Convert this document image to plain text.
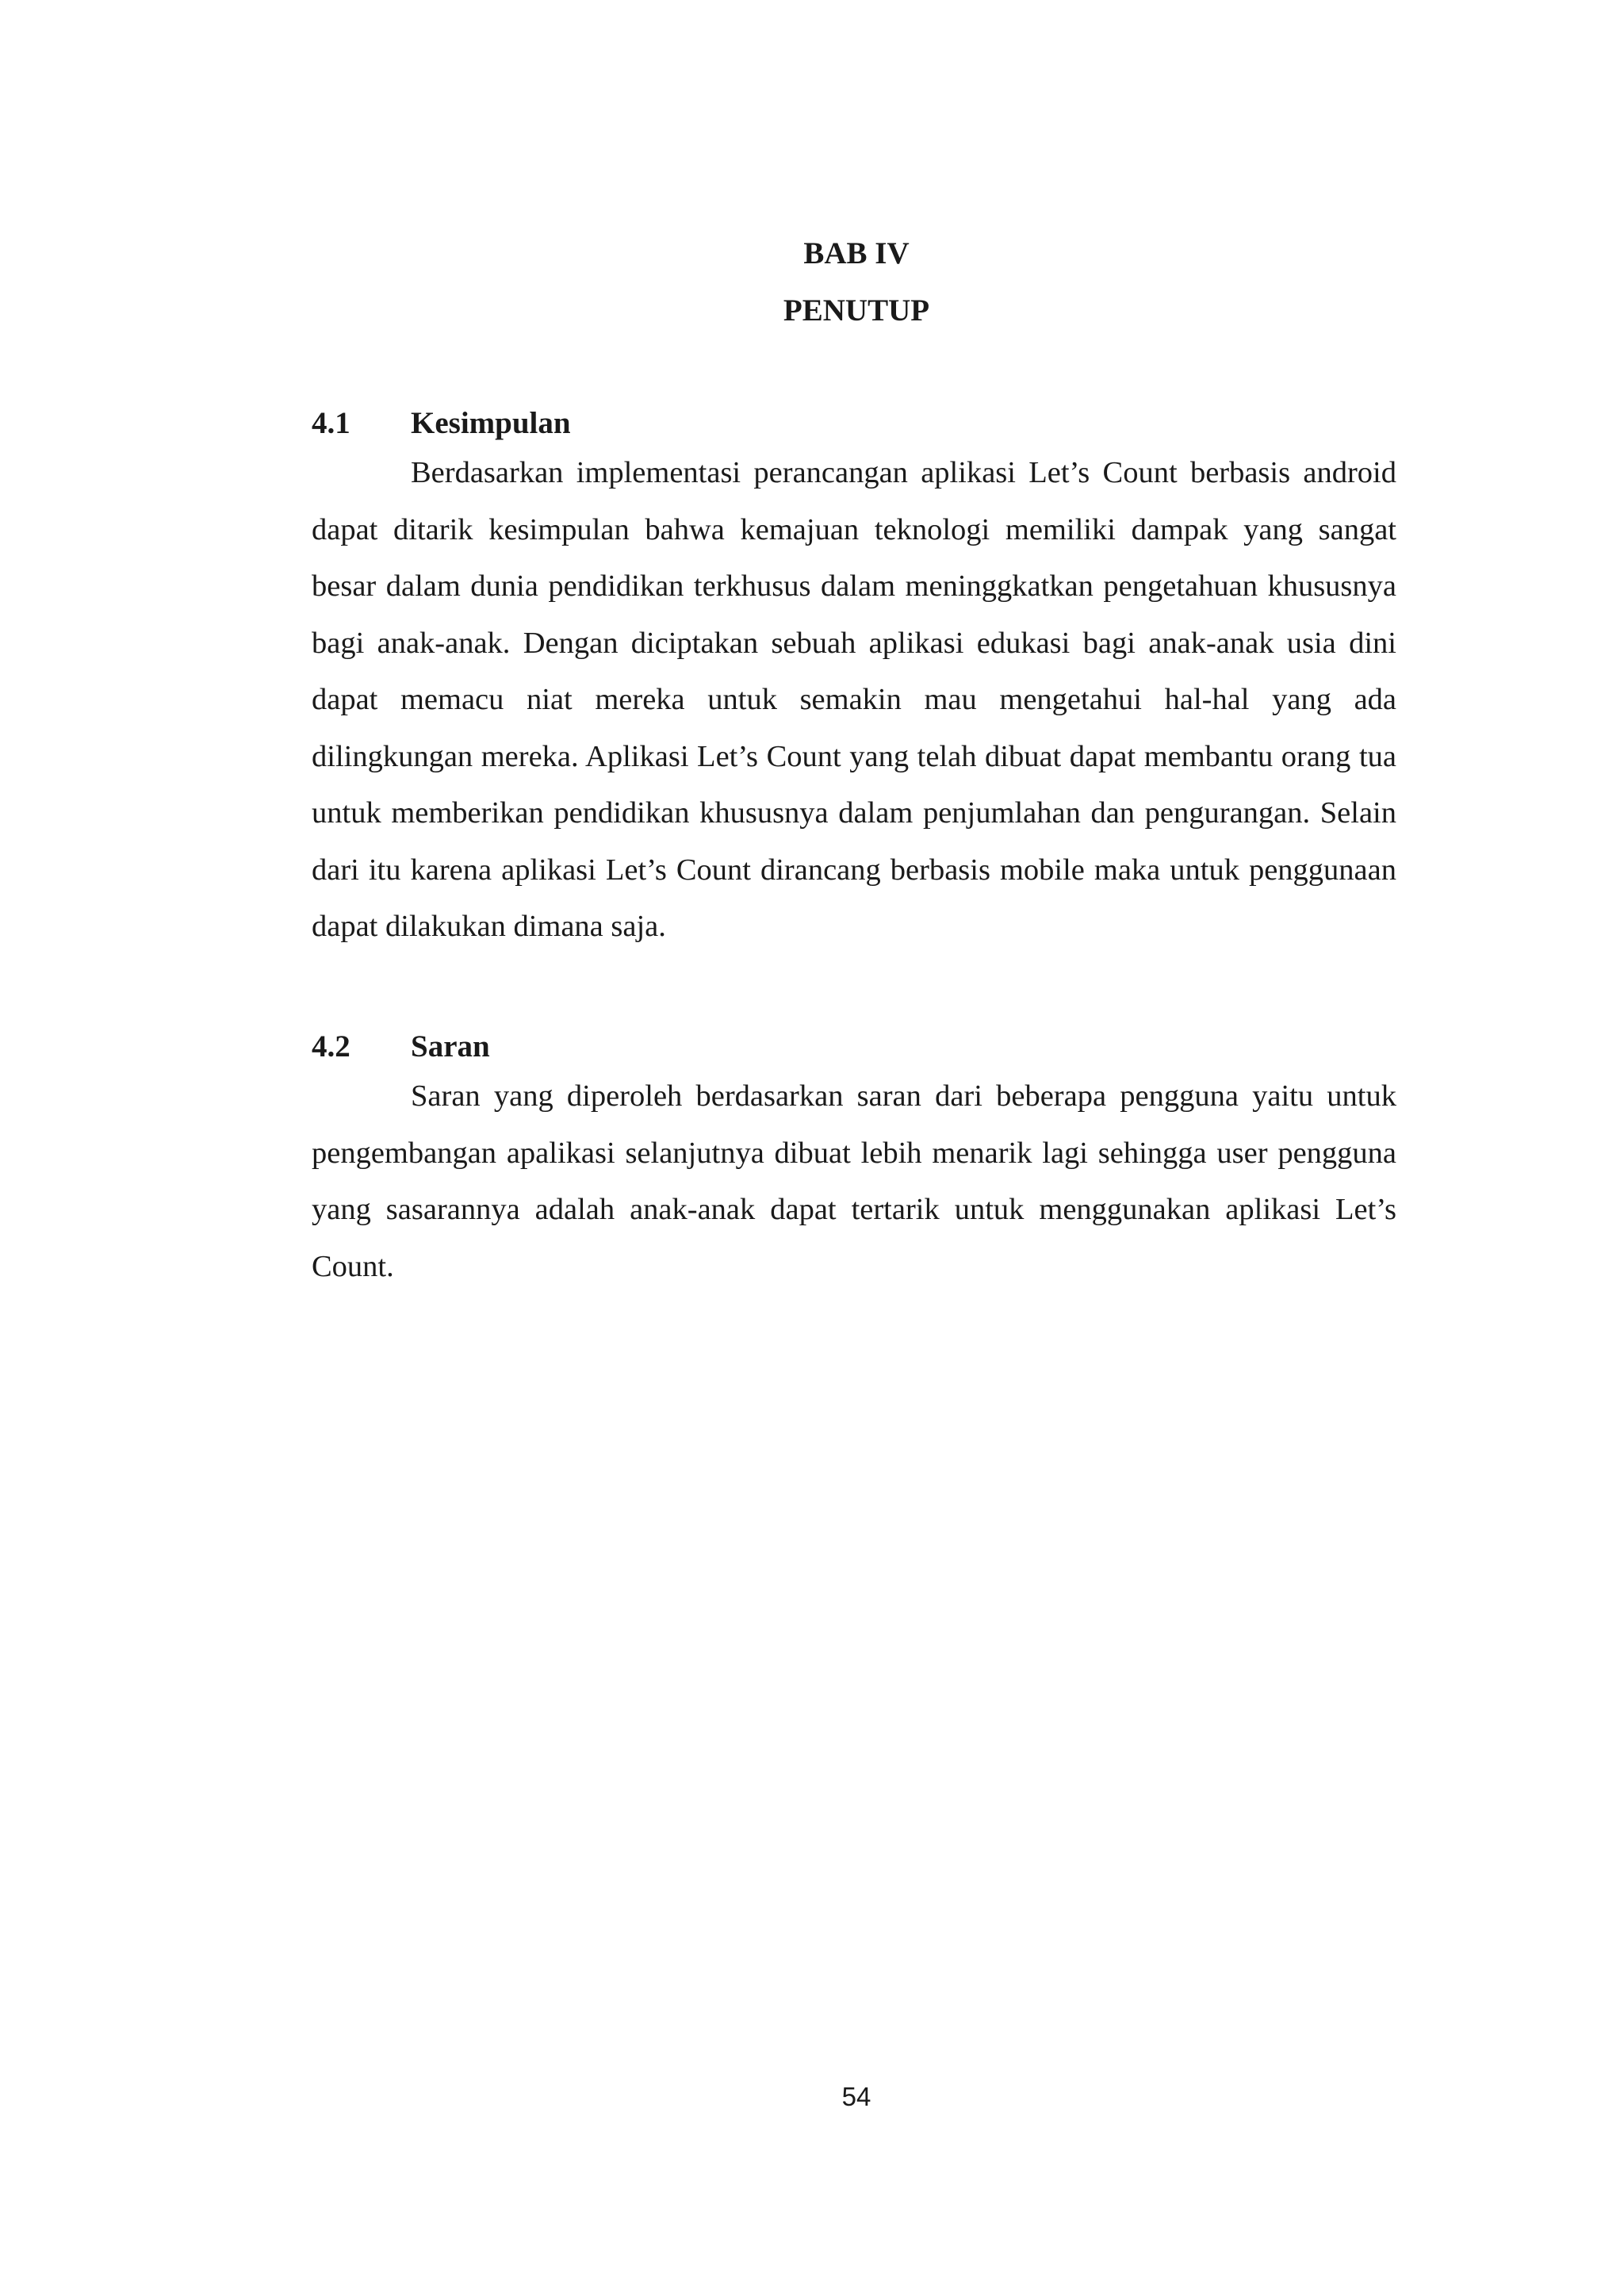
BAB IV
PENUTUP
4.1	Kesimpulan

Berdasarkan implementasi perancangan aplikasi Let’s Count berbasis android dapat ditarik kesimpulan bahwa kemajuan teknologi memiliki dampak yang sangat besar dalam dunia pendidikan terkhusus dalam meninggkatkan pengetahuan khususnya bagi anak-anak. Dengan diciptakan sebuah aplikasi edukasi bagi anak-anak usia dini dapat memacu niat mereka untuk semakin mau mengetahui hal-hal yang ada dilingkungan mereka. Aplikasi Let’s Count yang telah dibuat dapat membantu orang tua untuk memberikan pendidikan khususnya dalam penjumlahan dan pengurangan. Selain dari itu karena aplikasi Let’s Count dirancang berbasis mobile maka untuk penggunaan dapat dilakukan dimana saja.

4.2	Saran

Saran yang diperoleh berdasarkan saran dari beberapa pengguna yaitu untuk pengembangan apalikasi selanjutnya dibuat lebih menarik lagi sehingga user pengguna yang sasarannya adalah anak-anak dapat tertarik untuk menggunakan aplikasi Let’s Count.

54
